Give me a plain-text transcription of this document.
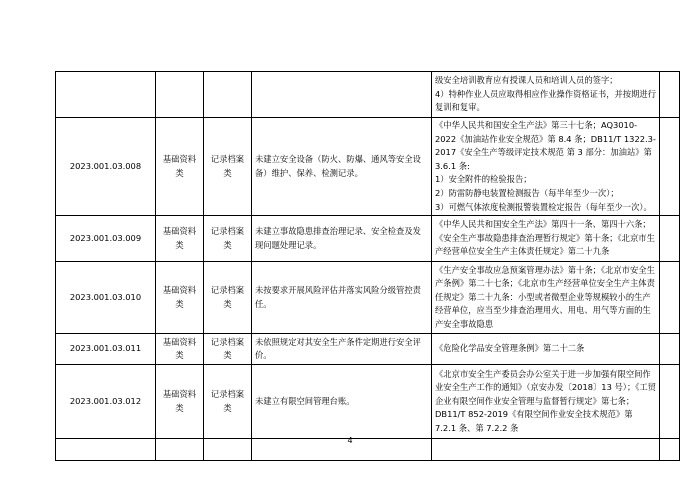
				级安全培训教育应有授课人员和培训人员的签字；
4）特种作业人员应取得相应作业操作资格证书，并按期进行复训和复审。	

2023.001.03.008	基础资料类	记录档案类	未建立安全设备（防火、防爆、通风等安全设备）维护、保养、检测记录。	《中华人民共和国安全生产法》第三十七条；AQ3010-2022《加油站作业安全规范》第 8.4 条；DB11/T 1322.3-2017《安全生产等级评定技术规范 第 3 部分：加油站》第 3.6.1 条:
1）安全附件的检验报告；
2）防雷防静电装置检测报告（每半年至少一次）；
3）可燃气体浓度检测报警装置检定报告（每年至少一次）。	

2023.001.03.009	基础资料类	记录档案类	未建立事故隐患排查治理记录、安全检查及发现问题处理记录。	《中华人民共和国安全生产法》第四十一条、第四十六条；《安全生产事故隐患排查治理暂行规定》第十条；《北京市生产经营单位安全生产主体责任规定》第二十九条	
2023.001.03.010	基础资料类	记录档案类	未按要求开展风险评估并落实风险分级管控责任。	《生产安全事故应急预案管理办法》第十条；《北京市安全生产条例》第二十七条；《北京市生产经营单位安全生产主体责任规定》第二十九条：小型或者微型企业等规模较小的生产经营单位，应当至少排查治理用火、用电、用气等方面的生产安全事故隐患	
2023.001.03.011	基础资料类	记录档案类	未依照规定对其安全生产条件定期进行安全评价。	《危险化学品安全管理条例》第二十二条	
2023.001.03.012	基础资料类	记录档案类	未建立有限空间管理台账。	《北京市安全生产委员会办公室关于进一步加强有限空间作业安全生产工作的通知》（京安办发〔2018〕13 号）；《工贸企业有限空间作业安全管理与监督暂行规定》第七条；DB11/T 852-2019《有限空间作业安全技术规范》第 7.2.1 条、第 7.2.2 条	

4
